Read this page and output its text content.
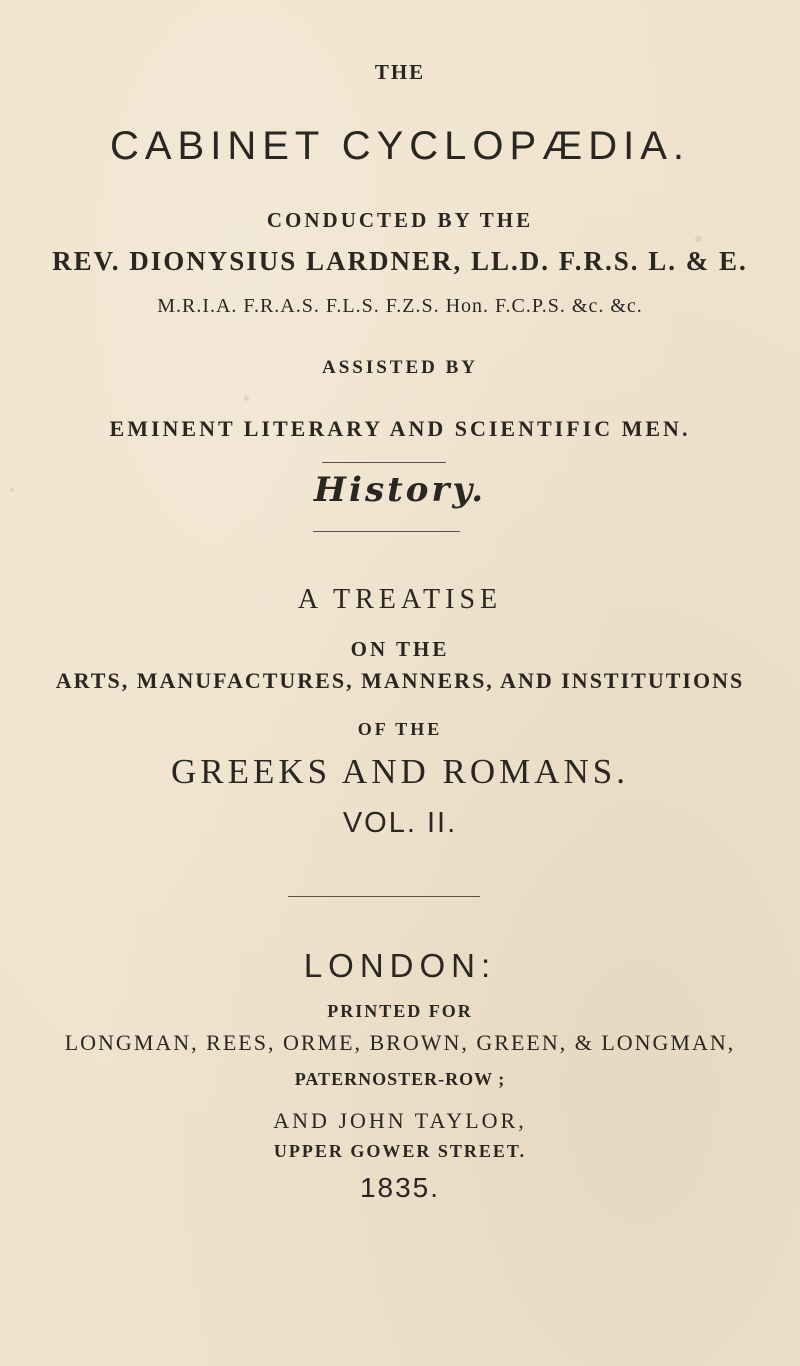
THE

CABINET CYCLOPÆDIA.

CONDUCTED BY THE

REV. DIONYSIUS LARDNER, LL.D. F.R.S. L. & E.

M.R.I.A. F.R.A.S. F.L.S. F.Z.S. Hon. F.C.P.S. &c. &c.

ASSISTED BY

EMINENT LITERARY AND SCIENTIFIC MEN.

History.

A TREATISE

ON THE

ARTS, MANUFACTURES, MANNERS, AND INSTITUTIONS

OF THE

GREEKS AND ROMANS.

VOL. II.

LONDON:

PRINTED FOR

LONGMAN, REES, ORME, BROWN, GREEN, & LONGMAN,

PATERNOSTER-ROW ;

AND JOHN TAYLOR,

UPPER GOWER STREET.

1835.
